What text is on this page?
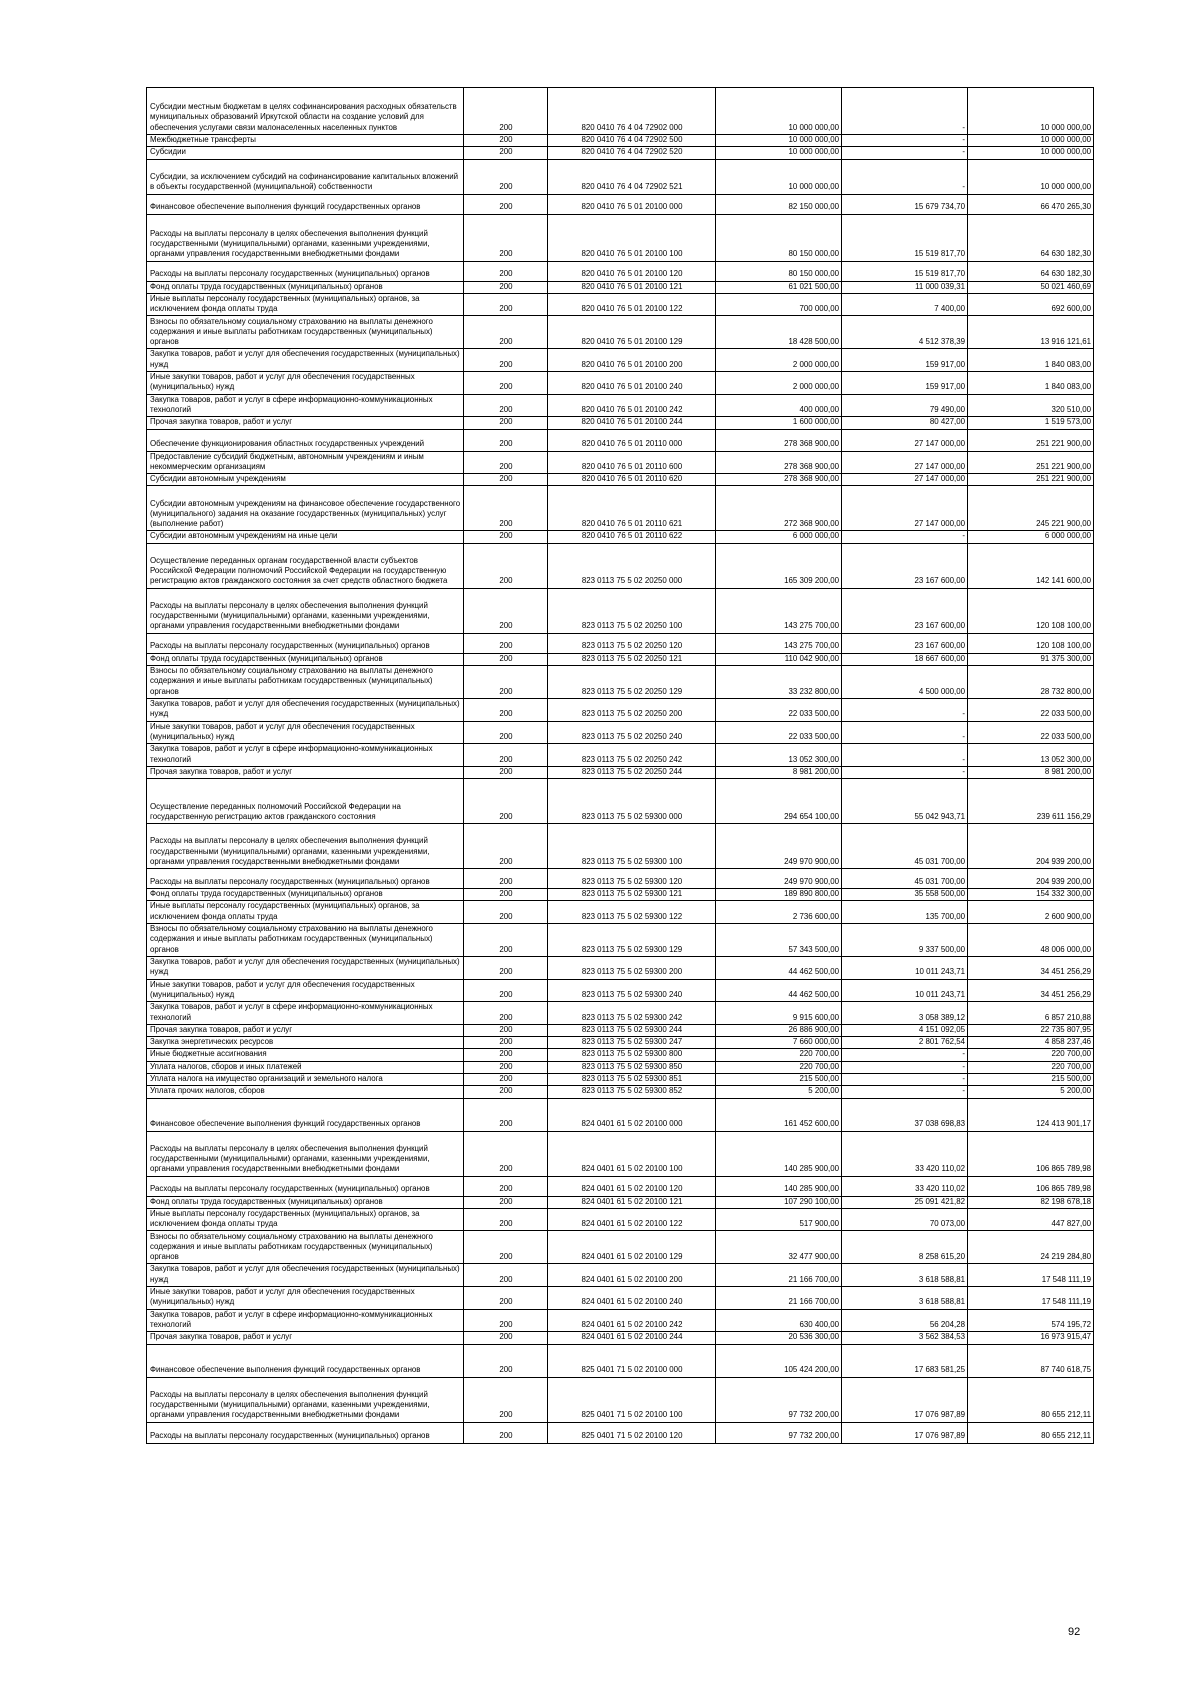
Субсидии местным бюджетам в целях софинансирования расходных обязательств муниципальных образований Иркутской области на создание условий для обеспечения услугами связи малонаселенных населенных пунктов	200	820 0410 76 4 04 72902 000	10 000 000,00	-	10 000 000,00
Межбюджетные трансферты	200	820 0410 76 4 04 72902 500	10 000 000,00	-	10 000 000,00
Субсидии	200	820 0410 76 4 04 72902 520	10 000 000,00	-	10 000 000,00
Субсидии, за исключением субсидий на софинансирование капитальных вложений в объекты государственной (муниципальной) собственности	200	820 0410 76 4 04 72902 521	10 000 000,00	-	10 000 000,00
Финансовое обеспечение выполнения функций государственных органов	200	820 0410 76 5 01 20100 000	82 150 000,00	15 679 734,70	66 470 265,30
Расходы на выплаты персоналу в целях обеспечения выполнения функций государственными (муниципальными) органами, казенными учреждениями, органами управления государственными внебюджетными фондами	200	820 0410 76 5 01 20100 100	80 150 000,00	15 519 817,70	64 630 182,30
Расходы на выплаты персоналу государственных (муниципальных) органов	200	820 0410 76 5 01 20100 120	80 150 000,00	15 519 817,70	64 630 182,30
Фонд оплаты труда государственных (муниципальных) органов	200	820 0410 76 5 01 20100 121	61 021 500,00	11 000 039,31	50 021 460,69
Иные выплаты персоналу государственных (муниципальных) органов, за исключением фонда оплаты труда	200	820 0410 76 5 01 20100 122	700 000,00	7 400,00	692 600,00
Взносы по обязательному социальному страхованию на выплаты денежного содержания и иные выплаты работникам государственных (муниципальных) органов	200	820 0410 76 5 01 20100 129	18 428 500,00	4 512 378,39	13 916 121,61
Закупка товаров, работ и услуг для обеспечения государственных (муниципальных) нужд	200	820 0410 76 5 01 20100 200	2 000 000,00	159 917,00	1 840 083,00
Иные закупки товаров, работ и услуг для обеспечения государственных (муниципальных) нужд	200	820 0410 76 5 01 20100 240	2 000 000,00	159 917,00	1 840 083,00
Закупка товаров, работ и услуг в сфере информационно-коммуникационных технологий	200	820 0410 76 5 01 20100 242	400 000,00	79 490,00	320 510,00
Прочая закупка товаров, работ и услуг	200	820 0410 76 5 01 20100 244	1 600 000,00	80 427,00	1 519 573,00
Обеспечение функционирования областных государственных учреждений	200	820 0410 76 5 01 20110 000	278 368 900,00	27 147 000,00	251 221 900,00
Предоставление субсидий бюджетным, автономным учреждениям и иным некоммерческим организациям	200	820 0410 76 5 01 20110 600	278 368 900,00	27 147 000,00	251 221 900,00
Субсидии автономным учреждениям	200	820 0410 76 5 01 20110 620	278 368 900,00	27 147 000,00	251 221 900,00
Субсидии автономным учреждениям на финансовое обеспечение государственного (муниципального) задания на оказание государственных (муниципальных) услуг (выполнение работ)	200	820 0410 76 5 01 20110 621	272 368 900,00	27 147 000,00	245 221 900,00
Субсидии автономным учреждениям на иные цели	200	820 0410 76 5 01 20110 622	6 000 000,00	-	6 000 000,00
Осуществление переданных органам государственной власти субъектов Российской Федерации полномочий Российской Федерации на государственную регистрацию актов гражданского состояния за счет средств областного бюджета	200	823 0113 75 5 02 20250 000	165 309 200,00	23 167 600,00	142 141 600,00
Расходы на выплаты персоналу в целях обеспечения выполнения функций государственными (муниципальными) органами, казенными учреждениями, органами управления государственными внебюджетными фондами	200	823 0113 75 5 02 20250 100	143 275 700,00	23 167 600,00	120 108 100,00
Расходы на выплаты персоналу государственных (муниципальных) органов	200	823 0113 75 5 02 20250 120	143 275 700,00	23 167 600,00	120 108 100,00
Фонд оплаты труда государственных (муниципальных) органов	200	823 0113 75 5 02 20250 121	110 042 900,00	18 667 600,00	91 375 300,00
Взносы по обязательному социальному страхованию на выплаты денежного содержания и иные выплаты работникам государственных (муниципальных) органов	200	823 0113 75 5 02 20250 129	33 232 800,00	4 500 000,00	28 732 800,00
Закупка товаров, работ и услуг для обеспечения государственных (муниципальных) нужд	200	823 0113 75 5 02 20250 200	22 033 500,00	-	22 033 500,00
Иные закупки товаров, работ и услуг для обеспечения государственных (муниципальных) нужд	200	823 0113 75 5 02 20250 240	22 033 500,00	-	22 033 500,00
Закупка товаров, работ и услуг в сфере информационно-коммуникационных технологий	200	823 0113 75 5 02 20250 242	13 052 300,00	-	13 052 300,00
Прочая закупка товаров, работ и услуг	200	823 0113 75 5 02 20250 244	8 981 200,00	-	8 981 200,00
Осуществление переданных полномочий Российской Федерации на государственную регистрацию актов гражданского состояния	200	823 0113 75 5 02 59300 000	294 654 100,00	55 042 943,71	239 611 156,29
Расходы на выплаты персоналу в целях обеспечения выполнения функций государственными (муниципальными) органами, казенными учреждениями, органами управления государственными внебюджетными фондами	200	823 0113 75 5 02 59300 100	249 970 900,00	45 031 700,00	204 939 200,00
Расходы на выплаты персоналу государственных (муниципальных) органов	200	823 0113 75 5 02 59300 120	249 970 900,00	45 031 700,00	204 939 200,00
Фонд оплаты труда государственных (муниципальных) органов	200	823 0113 75 5 02 59300 121	189 890 800,00	35 558 500,00	154 332 300,00
Иные выплаты персоналу государственных (муниципальных) органов, за исключением фонда оплаты труда	200	823 0113 75 5 02 59300 122	2 736 600,00	135 700,00	2 600 900,00
Взносы по обязательному социальному страхованию на выплаты денежного содержания и иные выплаты работникам государственных (муниципальных) органов	200	823 0113 75 5 02 59300 129	57 343 500,00	9 337 500,00	48 006 000,00
Закупка товаров, работ и услуг для обеспечения государственных (муниципальных) нужд	200	823 0113 75 5 02 59300 200	44 462 500,00	10 011 243,71	34 451 256,29
Иные закупки товаров, работ и услуг для обеспечения государственных (муниципальных) нужд	200	823 0113 75 5 02 59300 240	44 462 500,00	10 011 243,71	34 451 256,29
Закупка товаров, работ и услуг в сфере информационно-коммуникационных технологий	200	823 0113 75 5 02 59300 242	9 915 600,00	3 058 389,12	6 857 210,88
Прочая закупка товаров, работ и услуг	200	823 0113 75 5 02 59300 244	26 886 900,00	4 151 092,05	22 735 807,95
Закупка энергетических ресурсов	200	823 0113 75 5 02 59300 247	7 660 000,00	2 801 762,54	4 858 237,46
Иные бюджетные ассигнования	200	823 0113 75 5 02 59300 800	220 700,00	-	220 700,00
Уплата налогов, сборов и иных платежей	200	823 0113 75 5 02 59300 850	220 700,00	-	220 700,00
Уплата налога на имущество организаций и земельного налога	200	823 0113 75 5 02 59300 851	215 500,00	-	215 500,00
Уплата прочих налогов, сборов	200	823 0113 75 5 02 59300 852	5 200,00	-	5 200,00
Финансовое обеспечение выполнения функций государственных органов	200	824 0401 61 5 02 20100 000	161 452 600,00	37 038 698,83	124 413 901,17
Расходы на выплаты персоналу в целях обеспечения выполнения функций государственными (муниципальными) органами, казенными учреждениями, органами управления государственными внебюджетными фондами	200	824 0401 61 5 02 20100 100	140 285 900,00	33 420 110,02	106 865 789,98
Расходы на выплаты персоналу государственных (муниципальных) органов	200	824 0401 61 5 02 20100 120	140 285 900,00	33 420 110,02	106 865 789,98
Фонд оплаты труда государственных (муниципальных) органов	200	824 0401 61 5 02 20100 121	107 290 100,00	25 091 421,82	82 198 678,18
Иные выплаты персоналу государственных (муниципальных) органов, за исключением фонда оплаты труда	200	824 0401 61 5 02 20100 122	517 900,00	70 073,00	447 827,00
Взносы по обязательному социальному страхованию на выплаты денежного содержания и иные выплаты работникам государственных (муниципальных) органов	200	824 0401 61 5 02 20100 129	32 477 900,00	8 258 615,20	24 219 284,80
Закупка товаров, работ и услуг для обеспечения государственных (муниципальных) нужд	200	824 0401 61 5 02 20100 200	21 166 700,00	3 618 588,81	17 548 111,19
Иные закупки товаров, работ и услуг для обеспечения государственных (муниципальных) нужд	200	824 0401 61 5 02 20100 240	21 166 700,00	3 618 588,81	17 548 111,19
Закупка товаров, работ и услуг в сфере информационно-коммуникационных технологий	200	824 0401 61 5 02 20100 242	630 400,00	56 204,28	574 195,72
Прочая закупка товаров, работ и услуг	200	824 0401 61 5 02 20100 244	20 536 300,00	3 562 384,53	16 973 915,47
Финансовое обеспечение выполнения функций государственных органов	200	825 0401 71 5 02 20100 000	105 424 200,00	17 683 581,25	87 740 618,75
Расходы на выплаты персоналу в целях обеспечения выполнения функций государственными (муниципальными) органами, казенными учреждениями, органами управления государственными внебюджетными фондами	200	825 0401 71 5 02 20100 100	97 732 200,00	17 076 987,89	80 655 212,11
Расходы на выплаты персоналу государственных (муниципальных) органов	200	825 0401 71 5 02 20100 120	97 732 200,00	17 076 987,89	80 655 212,11
92
